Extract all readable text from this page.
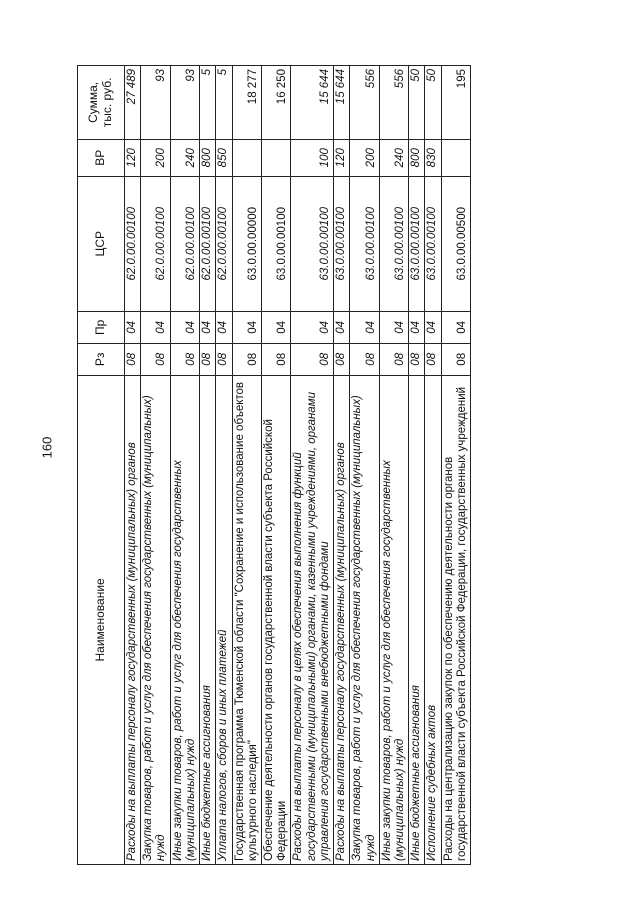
160
Наименование	Рз	Пр	ЦСР	ВР	Сумма, тыс. руб.
Расходы на выплаты персоналу государственных (муниципальных) органов	08	04	62.0.00.00100	120	27 489
Закупка товаров, работ и услуг для обеспечения государственных (муниципальных) нужд	08	04	62.0.00.00100	200	93
Иные закупки товаров, работ и услуг для обеспечения государственных (муниципальных) нужд	08	04	62.0.00.00100	240	93
Иные бюджетные ассигнования	08	04	62.0.00.00100	800	5
Уплата налогов, сборов и иных платежей	08	04	62.0.00.00100	850	5
Государственная программа Тюменской области "Сохранение и использование объектов культурного наследия"	08	04	63.0.00.00000		18 277
Обеспечение деятельности органов государственной власти субъекта Российской Федерации	08	04	63.0.00.00100		16 250
Расходы на выплаты персоналу в целях обеспечения выполнения функций государственными (муниципальными) органами, казенными учреждениями, органами управления государственными внебюджетными фондами	08	04	63.0.00.00100	100	15 644
Расходы на выплаты персоналу государственных (муниципальных) органов	08	04	63.0.00.00100	120	15 644
Закупка товаров, работ и услуг для обеспечения государственных (муниципальных) нужд	08	04	63.0.00.00100	200	556
Иные закупки товаров, работ и услуг для обеспечения государственных (муниципальных) нужд	08	04	63.0.00.00100	240	556
Иные бюджетные ассигнования	08	04	63.0.00.00100	800	50
Исполнение судебных актов	08	04	63.0.00.00100	830	50
Расходы на централизацию закупок по обеспечению деятельности органов государственной власти субъекта Российской Федерации, государственных учреждений	08	04	63.0.00.00500		195
